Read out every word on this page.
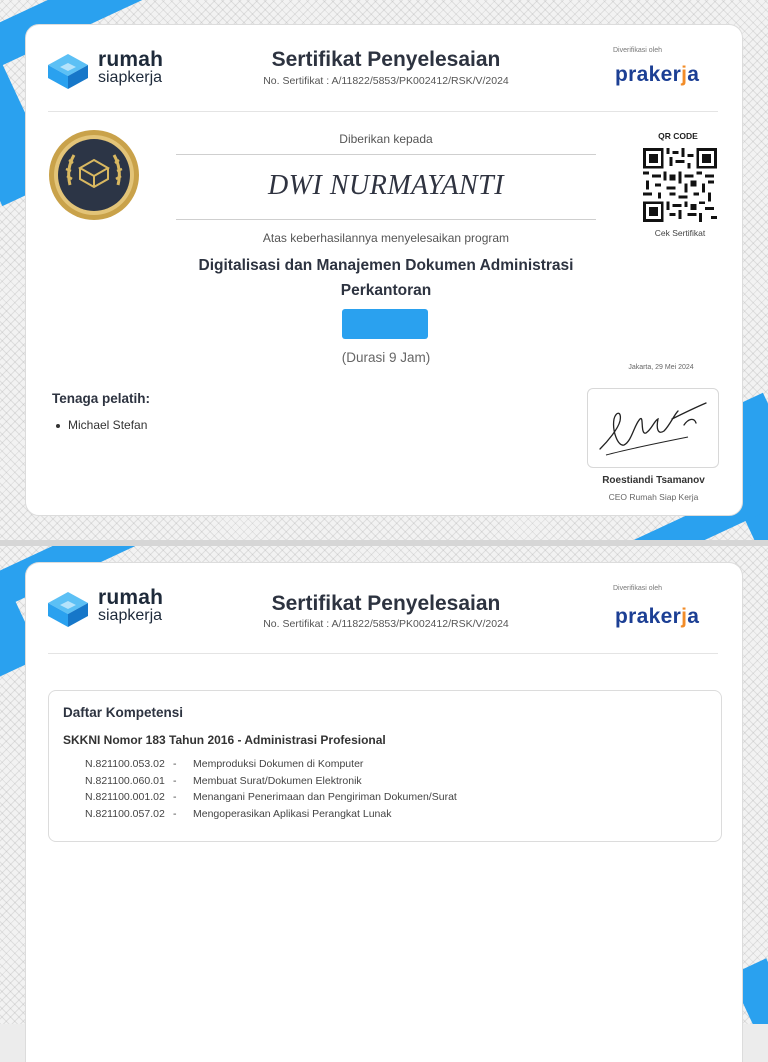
rumah
siapkerja
Sertifikat Penyelesaian
No. Sertifikat : A/11822/5853/PK002412/RSK/V/2024
Diverifikasi oleh
prakerja
Diberikan kepada
DWI NURMAYANTI
Atas keberhasilannya menyelesaikan program
Digitalisasi dan Manajemen Dokumen Administrasi
Perkantoran
(Durasi 9 Jam)
QR CODE
Cek Sertifikat
Jakarta, 29 Mei 2024
Roestiandi Tsamanov
CEO Rumah Siap Kerja
Tenaga pelatih:
Michael Stefan
rumah
siapkerja
Sertifikat Penyelesaian
No. Sertifikat : A/11822/5853/PK002412/RSK/V/2024
Diverifikasi oleh
prakerja
Daftar Kompetensi
SKKNI Nomor 183 Tahun 2016 - Administrasi Profesional
N.821100.053.02 - Memproduksi Dokumen di Komputer
N.821100.060.01 - Membuat Surat/Dokumen Elektronik
N.821100.001.02 - Menangani Penerimaan dan Pengiriman Dokumen/Surat
N.821100.057.02 - Mengoperasikan Aplikasi Perangkat Lunak
